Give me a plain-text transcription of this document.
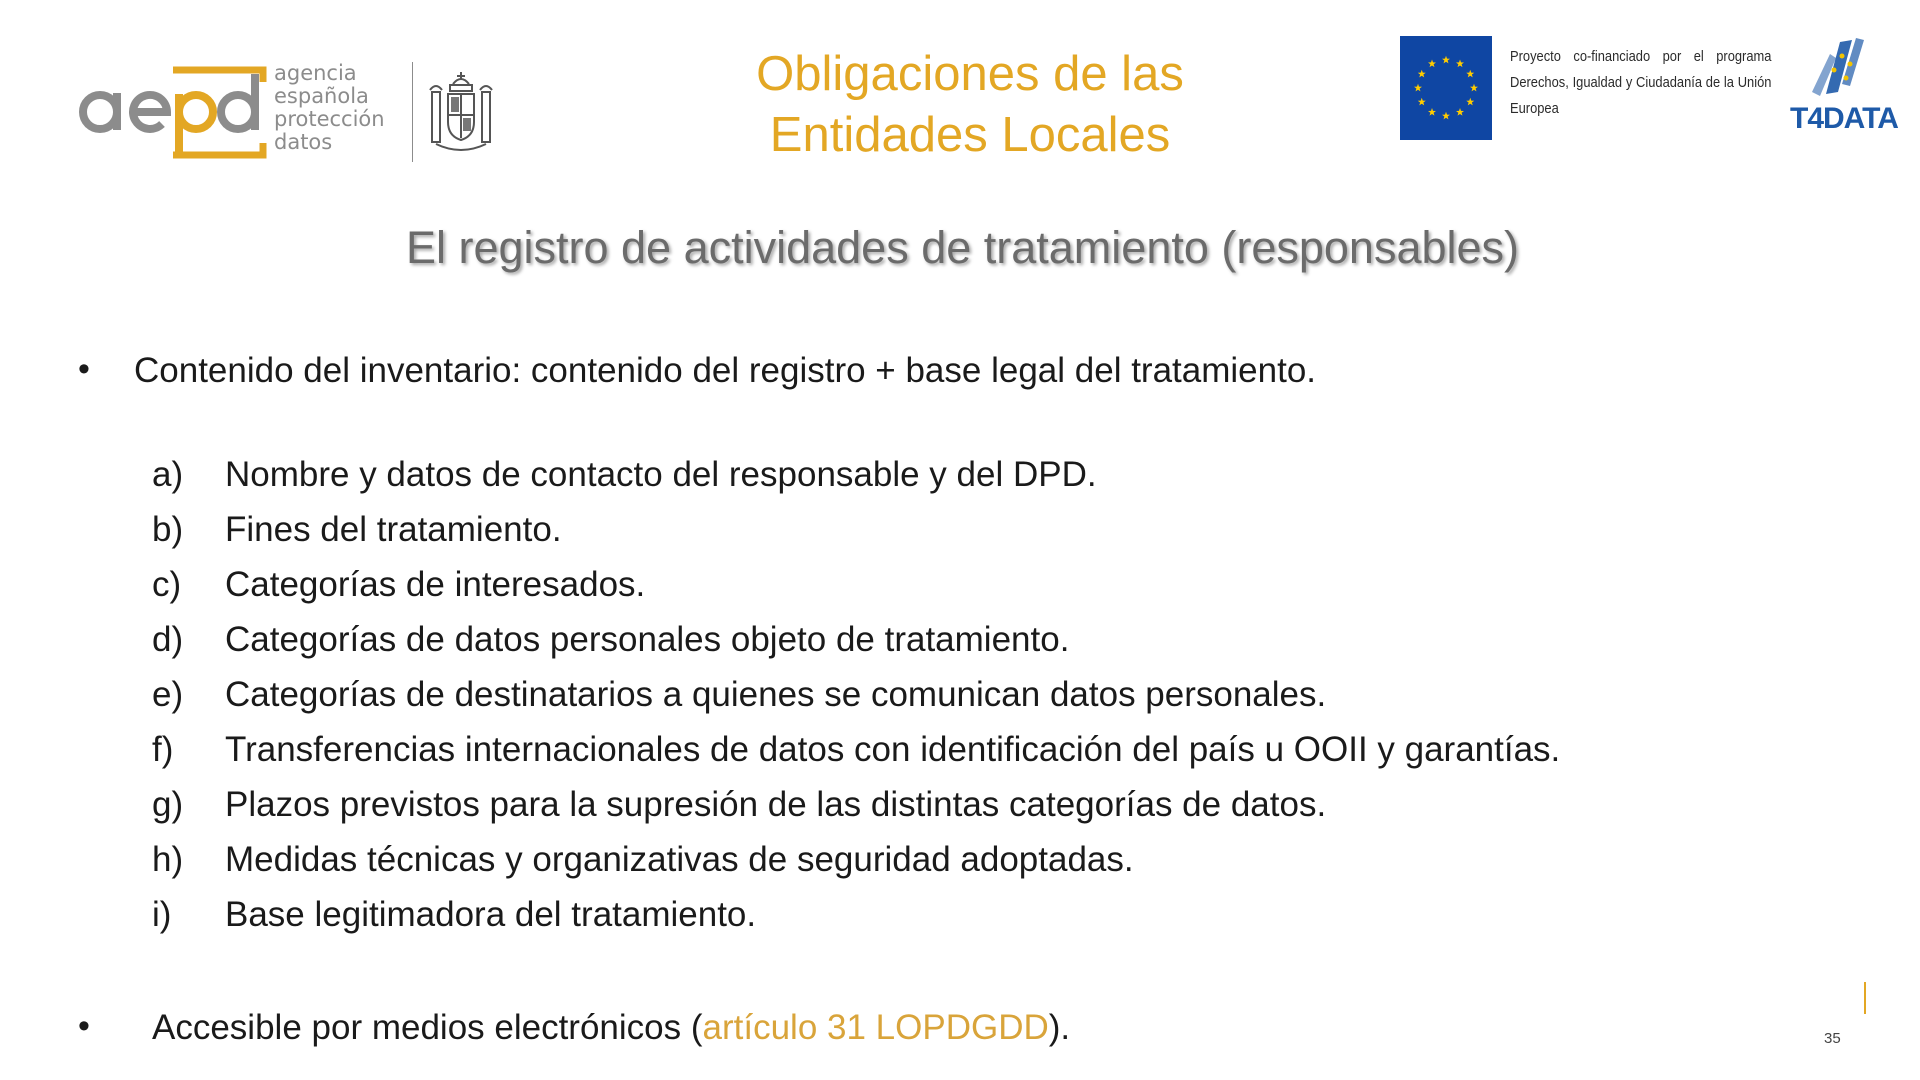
agencia
española
protección
datos
Obligaciones de las
Entidades Locales
Proyecto co-financiado por el programa Derechos, Igualdad y Ciudadanía de la Unión Europea	T4DATA
El registro de actividades de tratamiento (responsables)
• Contenido del inventario: contenido del registro + base legal del tratamiento.
a) Nombre y datos de contacto del responsable y del DPD.
b) Fines del tratamiento.
c) Categorías de interesados.
d) Categorías de datos personales objeto de tratamiento.
e) Categorías de destinatarios a quienes se comunican datos personales.
f) Transferencias internacionales de datos con identificación del país u OOII y garantías.
g) Plazos previstos para la supresión de las distintas categorías de datos.
h) Medidas técnicas y organizativas de seguridad adoptadas.
i) Base legitimadora del tratamiento.
• Accesible por medios electrónicos (artículo 31 LOPDGDD).	35
